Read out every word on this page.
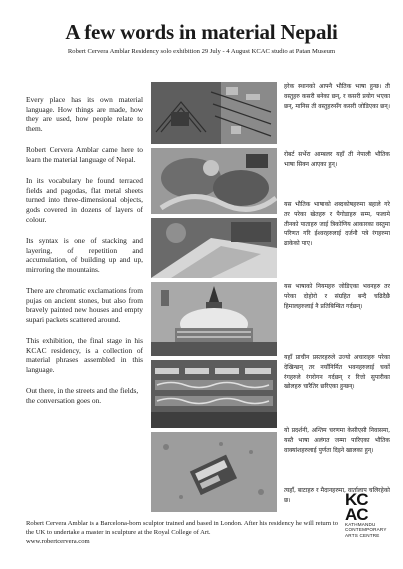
A few words in material Nepali
Robert Cervera Amblar Residency solo exhibition 29 July - 4 August KCAC studio at Patan Museum

Every place has its own material language. How things are made, how they are used, how people relate to them.

Robert Cervera Amblar came here to learn the material language of Nepal.

In its vocabulary he found terraced fields and pagodas, flat metal sheets turned into three-dimensional objects, gods covered in dozens of layers of colour.

Its syntax is one of stacking and layering, of repetition and accumulation, of building up and up, mirroring the mountains.

There are chromatic exclamations from pujas on ancient stones, but also from bravely painted new houses and empty supari packets scattered around.

This exhibition, the final stage in his KCAC residency, is a collection of material phrases assembled in this language.

Out there, in the streets and the fields, the conversation goes on.

हरेक स्थानको आफ्नै भौतिक भाषा हुन्छ। ती वस्तुहरु कसरी बनेका छन्, र कसरी प्रयोग भएका छन्, मानिस ती वस्तुहरुसँग कसरी जोडिएका छन्।
रोबर्ट सर्भेरा आम्बलर यहाँ ती नेपाली भौतिक भाषा सिक्न आएका हुन्।
यस भौतिक भाषाको शब्दकोषहरुमा बहाले गरे तर परेका खेतहरु र पैगोडाहरु सम्म, फलामे तीनको पाताहरु जाई त्रिकोणिय आकारका वस्तुमा परिणत गरि ईश्वरहरुलाई दर्जनौ पत्रे रंगहरुमा ढाकेको पाए।
यस भाषाको नियमहरु जोडिएका भवनहरु तर परेका दोहोरो र संग्रहित बन्दै चढिदैछै हिमालहरुलाई नै प्रतिबिम्बित गर्दछन्।
यहाँ प्राचीन प्रस्तरहरुले उज्यो अचाराहरु परेका देखिन्छन् तर नयाँनिर्मित भवनहरुलाई चर्को रंगहरुले रंगरोगन गर्दछन् र रित्तो सुपारीका खोलहरु चारैतिर छरिएका हुन्छन्।
यो प्रदर्शनी, अन्तिम चरणमा केसीएसी निवासमा, यस्तै भाषा अलंगत जम्मा पारिएका भौतिक वाक्यांशहरुलाई पुर्णता दिइने खालका हुन्।
त्यहाँ, बाटाहरु र मैदानहरुमा, वार्तालाप चलिरहेको छ।
Robert Cervera Amblar is a Barcelona-born sculptor trained and based in London. After his residency he will return to the UK to undertake a master in sculpture at the Royal College of Art.
www.robertcervera.com
KC
AC
KATHMANDU
CONTEMPORARY
ARTS CENTRE
